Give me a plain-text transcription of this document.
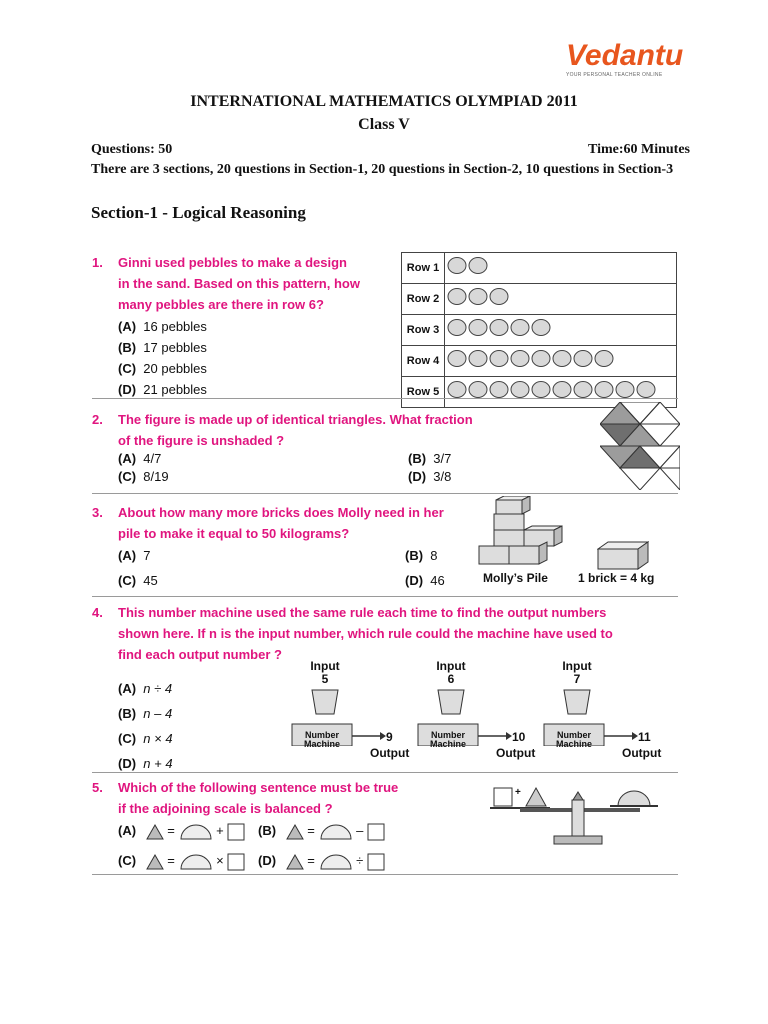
Vedantu
YOUR PERSONAL TEACHER ONLINE
INTERNATIONAL MATHEMATICS OLYMPIAD 2011
Class V
Questions: 50	Time:60 Minutes
There are 3 sections, 20 questions in Section-1, 20 questions in Section-2, 10 questions in Section-3
Section-1 - Logical Reasoning
1. Ginni used pebbles to make a design
in the sand. Based on this pattern, how
many pebbles are there in row 6?
(A) 16 pebbles
(B) 17 pebbles
(C) 20 pebbles
(D) 21 pebbles
Row 1	
Row 2	
Row 3	
Row 4	
Row 5	
2. The figure is made up of identical triangles. What fraction
of the figure is unshaded ?
(A) 4/7	(B) 3/7
(C) 8/19	(D) 3/8
3. About how many more bricks does Molly need in her
pile to make it equal to 50 kilograms?
(A) 7	(B) 8
(C) 45	(D) 46	Molly’s Pile	1 brick = 4 kg
4. This number machine used the same rule each time to find the output numbers
shown here. If n is the input number, which rule could the machine have used to
find each output number ?
(A) n ÷ 4
(B) n – 4
(C) n × 4
(D) n + 4
Input
5
Number
Machine	9
Output
Input
6
Number
Machine	10
Output
Input
7
Number
Machine	11
Output
5. Which of the following sentence must be true
if the adjoining scale is balanced ?
(A) =	+	(B) =	–
(C) =	×	(D) =	÷
+
